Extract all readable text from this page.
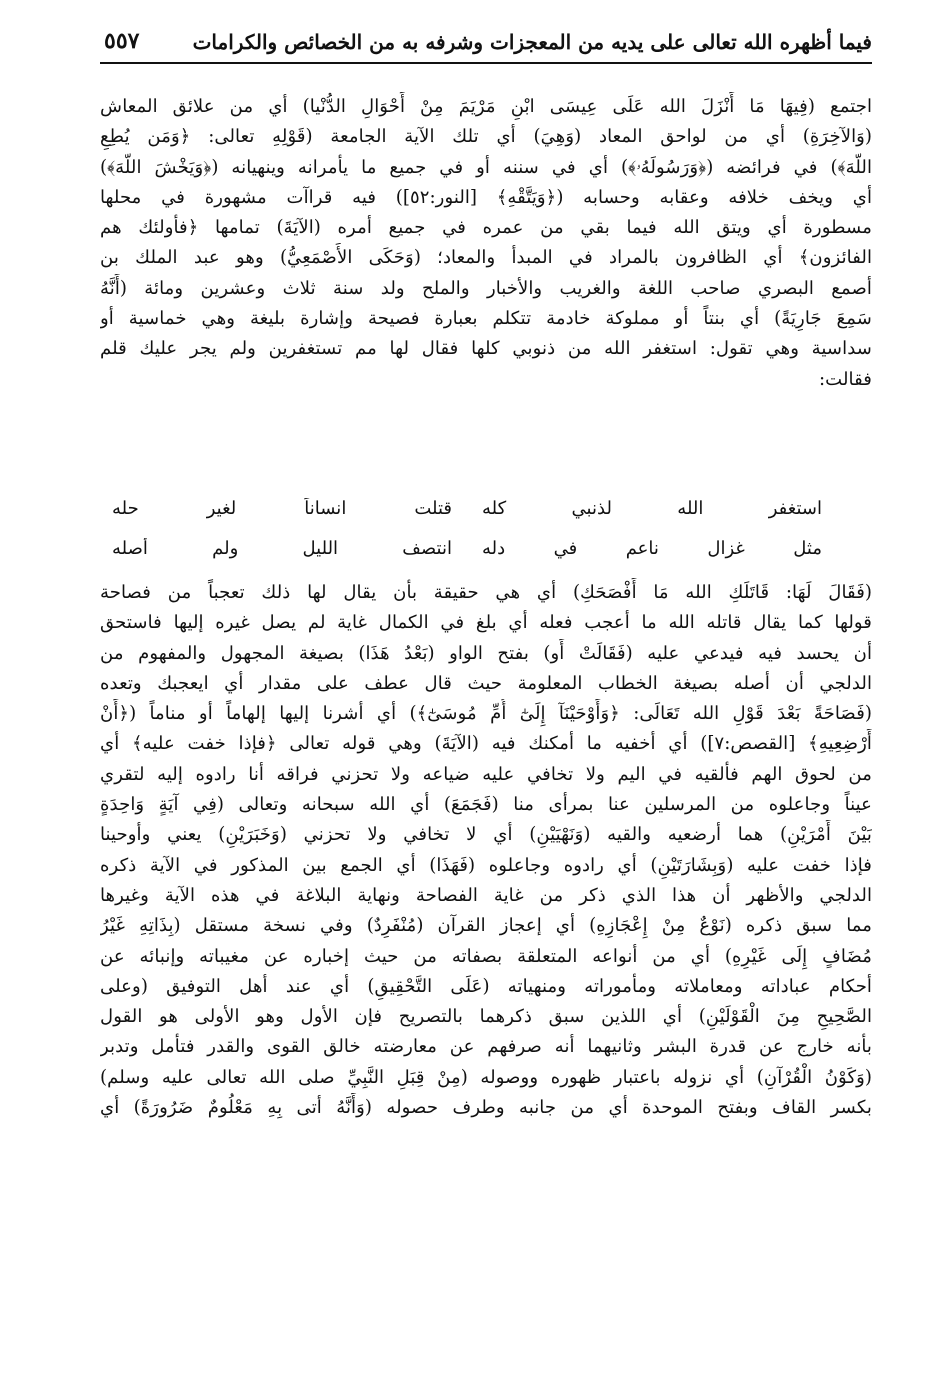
فيما أظهره الله تعالى على يديه من المعجزات وشرفه به من الخصائص والكرامات
٥٥٧
اجتمع (فِيهَا مَا أَنْزَلَ الله عَلَى عِيسَى ابْنِ مَرْيَمَ مِنْ أَحْوَالِ الدُّنْيا) أي من علائق المعاش
(وَالآخِرَةِ) أي من لواحق المعاد (وَهِيَ) أي تلك الآية الجامعة (قَوْلِهِ تعالى: ﴿وَمَن يُطِعِ
اللَّهَ﴾) في فرائضه (﴿وَرَسُولَهُۥ﴾) أي في سننه أو في جميع ما يأمرانه وينهيانه (﴿وَيَخْشَ اللَّهَ﴾)
أي ويخف خلافه وعقابه وحسابه (﴿وَيَتَّقْهِ﴾ [النور:٥٢]) فيه قراآت مشهورة في محلها
مسطورة أي ويتق الله فيما بقي من عمره في جميع أمره (الآيَةَ) تمامها ﴿فأولئك هم
الفائزون﴾ أي الظافرون بالمراد في المبدأ والمعاد؛ (وَحَكَى الأَصْمَعِيُّ) وهو عبد الملك بن
أصمع البصري صاحب اللغة والغريب والأخبار والملح ولد سنة ثلاث وعشرين ومائة (أَنَّهُ
سَمِعَ جَارِيَةً) أي بنتاً أو مملوكة خادمة تتكلم بعبارة فصيحة وإشارة بليغة وهي خماسية أو
سداسية وهي تقول: استغفر الله من ذنوبي كلها فقال لها مم تستغفرين ولم يجر عليك قلم
فقالت:
استغفر الله لذنبي كله
قتلت انساناً لغير حله
مثل غزال ناعم في دله
انتصف الليل ولم أصله
(فَقَالَ لَهَا: قَاتَلَكِ الله مَا أَفْصَحَكِ) أي هي حقيقة بأن يقال لها ذلك تعجباً من فصاحة
قولها كما يقال قاتله الله ما أعجب فعله أي بلغ في الكمال غاية لم يصل غيره إليها فاستحق
أن يحسد فيه فيدعي عليه (فَقَالَتْ أَو) بفتح الواو (بَعْدُ هَذَا) بصيغة المجهول والمفهوم من
الدلجي أن أصله بصيغة الخطاب المعلومة حيث قال عطف على مقدار أي ايعجبك وتعده
(فَصَاحَةً بَعْدَ قَوْلِ الله تَعَالَى: ﴿وَأَوْحَيْنَآ إِلَىٰٓ أُمِّ مُوسَىٰٓ﴾) أي أشرنا إليها إلهاماً أو مناماً (﴿أَنْ
أَرْضِعِيهِ﴾ [القصص:٧]) أي أخفيه ما أمكنك فيه (الآيَةَ) وهي قوله تعالى ﴿فإذا خفت عليه﴾ أي
من لحوق الهم فألقيه في اليم ولا تخافي عليه ضياعه ولا تحزني فراقه أنا رادوه إليه لتقري
عيناً وجاعلوه من المرسلين عنا بمرأى منا (فَجَمَعَ) أي الله سبحانه وتعالى (فِي آيَةٍ وَاحِدَةٍ
بَيْنَ أَمْرَيْنِ) هما أرضعيه والقيه (وَنَهْيَيْنِ) أي لا تخافي ولا تحزني (وَخَبَرَيْنِ) يعني وأوحينا
فإذا خفت عليه (وَبِشَارَتَيْنِ) أي رادوه وجاعلوه (فَهَذَا) أي الجمع بين المذكور في الآية ذكره
الدلجي والأظهر أن هذا الذي ذكر من غاية الفصاحة ونهاية البلاغة في هذه الآية وغيرها
مما سبق ذكره (نَوْعٌ مِنْ إِعْجَازِهِ) أي إعجاز القرآن (مُنْفَرِدٌ) وفي نسخة مستقل (بِذَاتِهِ غَيْرُ
مُضَافٍ إِلَى غَيْرِهِ) أي من أنواعه المتعلقة بصفاته من حيث إخباره عن مغيباته وإنبائه عن
أحكام عباداته ومعاملاته ومأموراته ومنهياته (عَلَى التَّحْقِيقِ) أي عند أهل التوفيق (وعلى
الصَّحِيحِ مِنَ الْقَوْلَيْنِ) أي اللذين سبق ذكرهما بالتصريح فإن الأول وهو الأولى هو القول
بأنه خارج عن قدرة البشر وثانيهما أنه صرفهم عن معارضته خالق القوى والقدر فتأمل وتدبر
(وَكَوْنُ الْقُرْآنِ) أي نزوله باعتبار ظهوره ووصوله (مِنْ قِبَلِ النَّبِيِّ صلى الله تعالى عليه وسلم)
بكسر القاف وبفتح الموحدة أي من جانبه وطرف حصوله (وَأَنَّهُ أتى بِهِ مَعْلُومٌ ضَرُورَةً) أي
